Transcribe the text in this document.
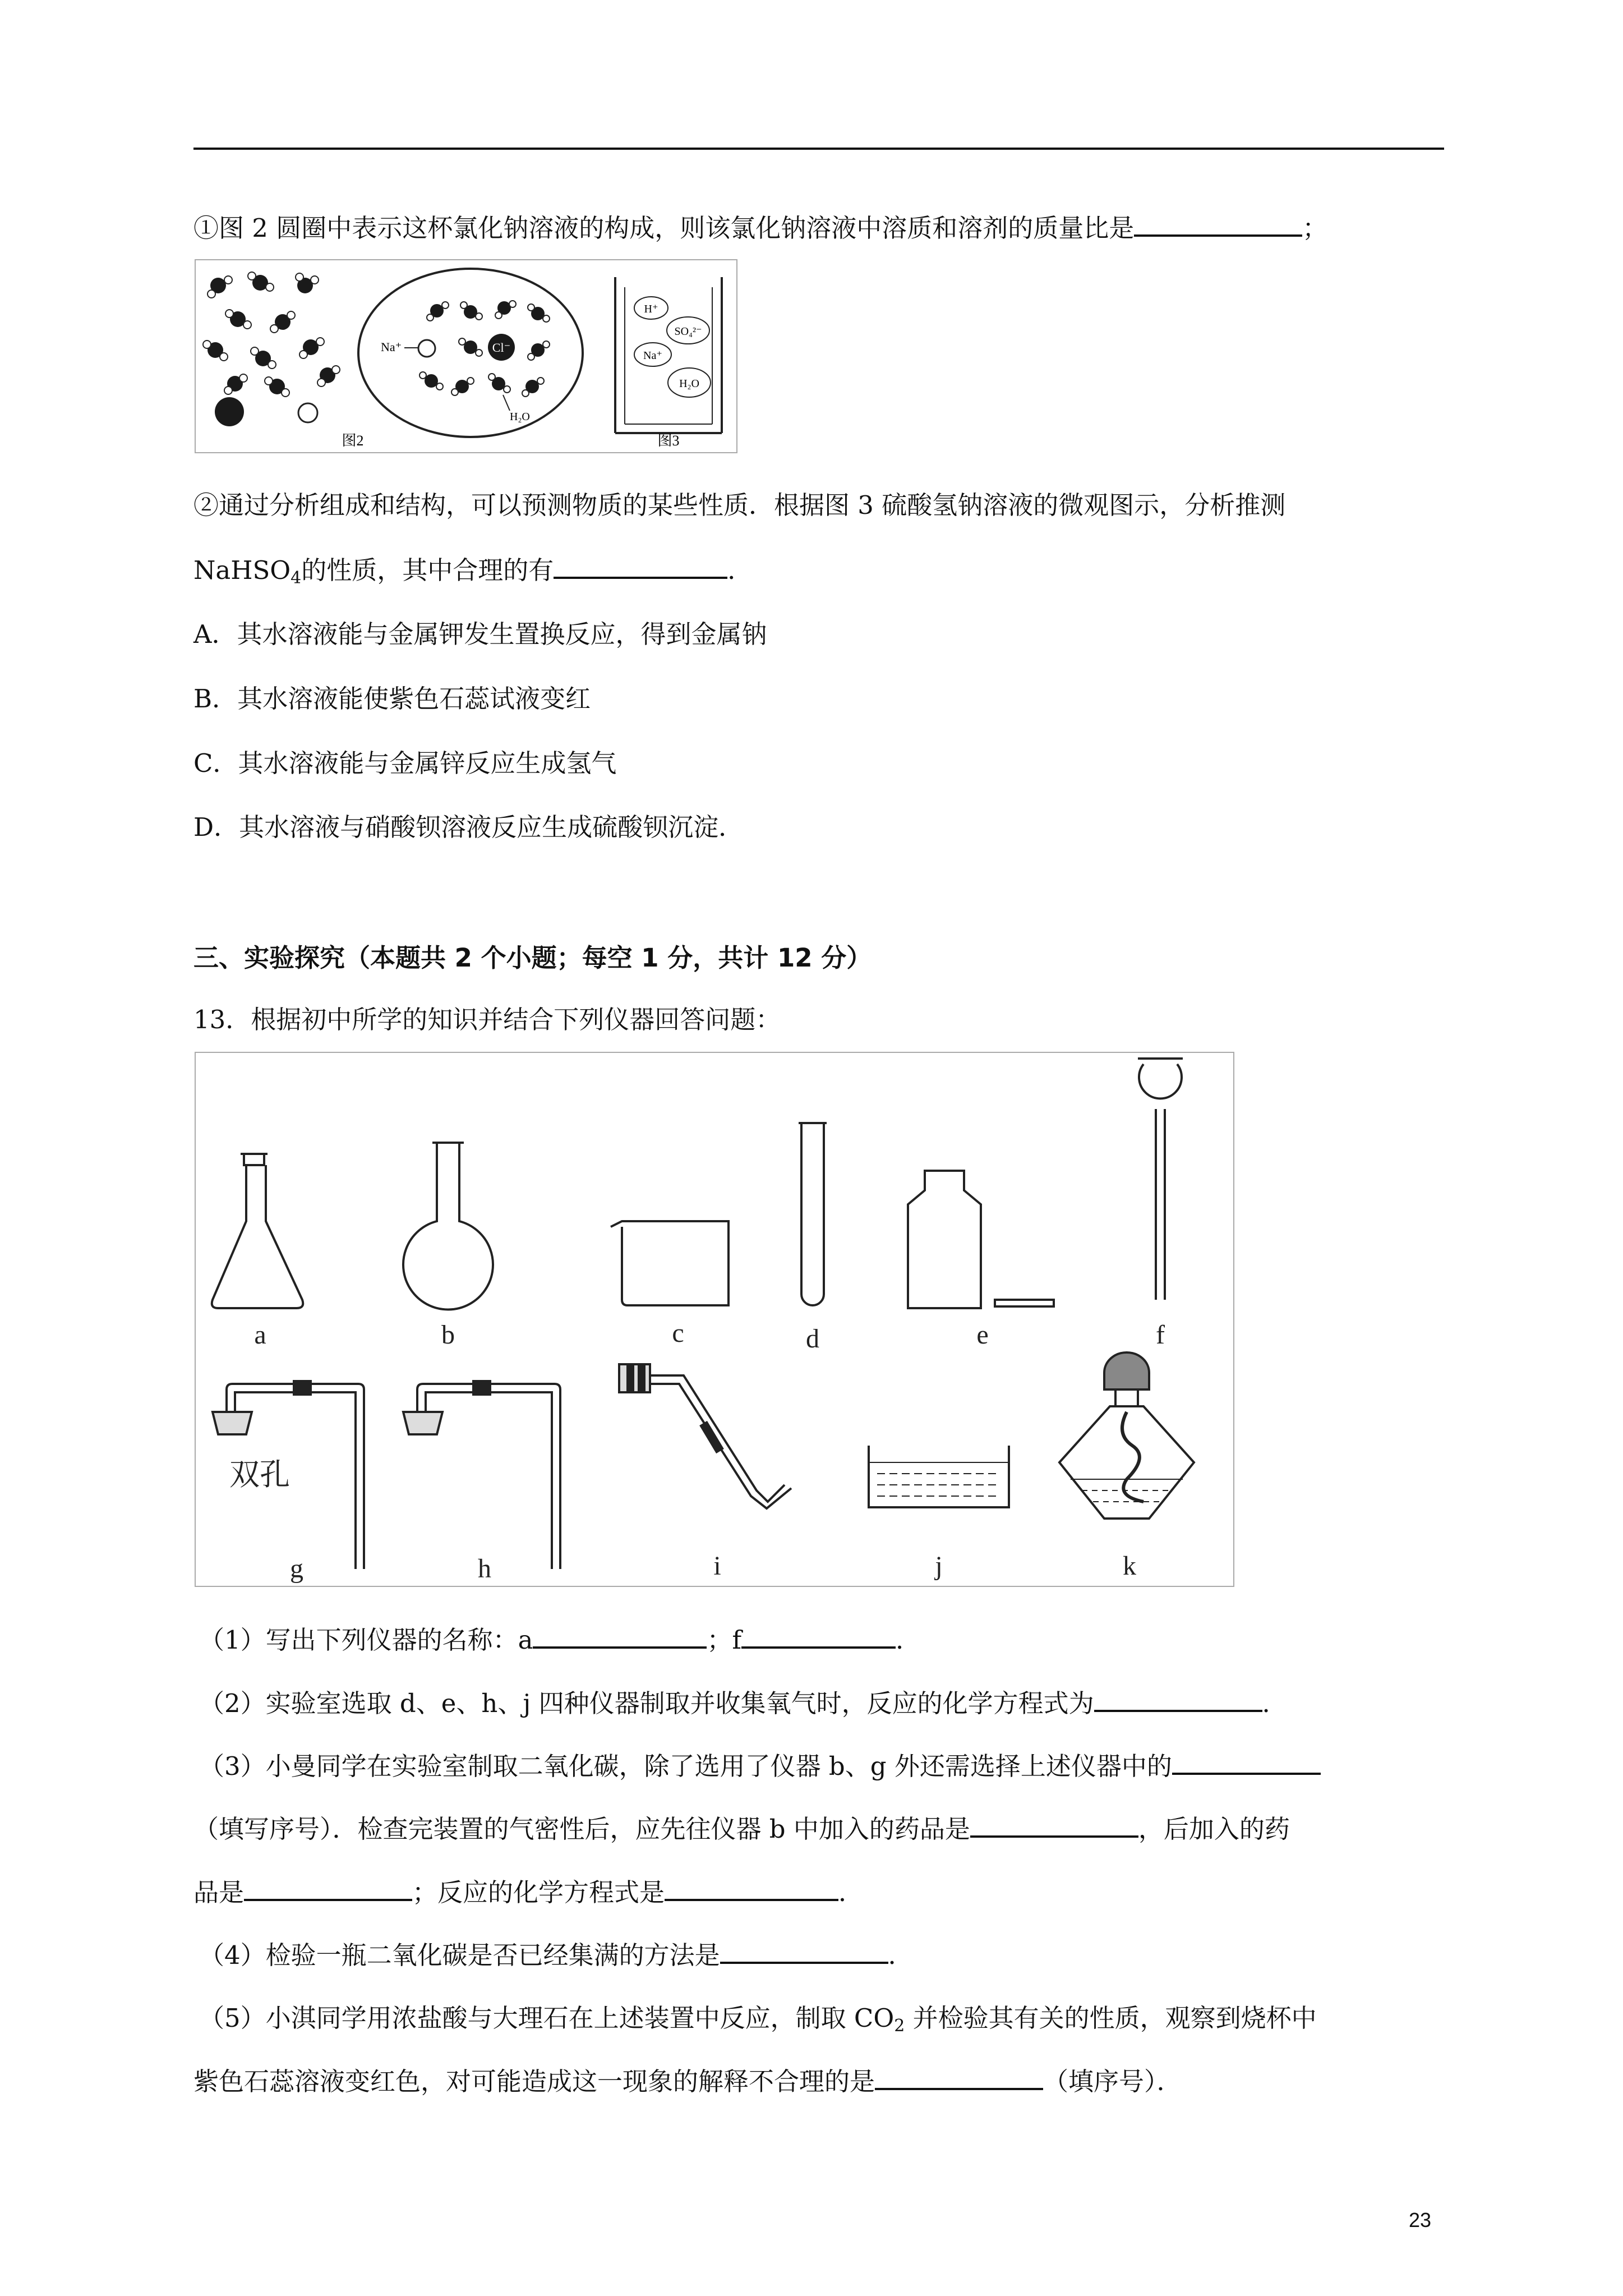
①图 2 圆圈中表示这杯氯化钠溶液的构成，则该氯化钠溶液中溶质和溶剂的质量比是	；
图2
Na⁺	Cl⁻
H₂O
H⁺
SO₄²⁻
Na⁺
H₂O
图3
②通过分析组成和结构，可以预测物质的某些性质．根据图 3 硫酸氢钠溶液的微观图示，分析推测
NaHSO$_4$的性质，其中合理的有	．
A．其水溶液能与金属钾发生置换反应，得到金属钠
B．其水溶液能使紫色石蕊试液变红
C．其水溶液能与金属锌反应生成氢气
D．其水溶液与硝酸钡溶液反应生成硫酸钡沉淀．
三、实验探究（本题共 2 个小题；每空 1 分，共计 12 分）
13．根据初中所学的知识并结合下列仪器回答问题：
a	b	c	d	e	f
双孔
g	h	i	j	k
（1）写出下列仪器的名称：a	；f	．
（2）实验室选取 d、e、h、j 四种仪器制取并收集氧气时，反应的化学方程式为	．
（3）小曼同学在实验室制取二氧化碳，除了选用了仪器 b、g 外还需选择上述仪器中的
（填写序号）．检查完装置的气密性后，应先往仪器 b 中加入的药品是	，后加入的药
品是	；反应的化学方程式是	．
（4）检验一瓶二氧化碳是否已经集满的方法是	．
（5）小淇同学用浓盐酸与大理石在上述装置中反应，制取 $CO_2$ 并检验其有关的性质，观察到烧杯中
紫色石蕊溶液变红色，对可能造成这一现象的解释不合理的是	（填序号）．
23
